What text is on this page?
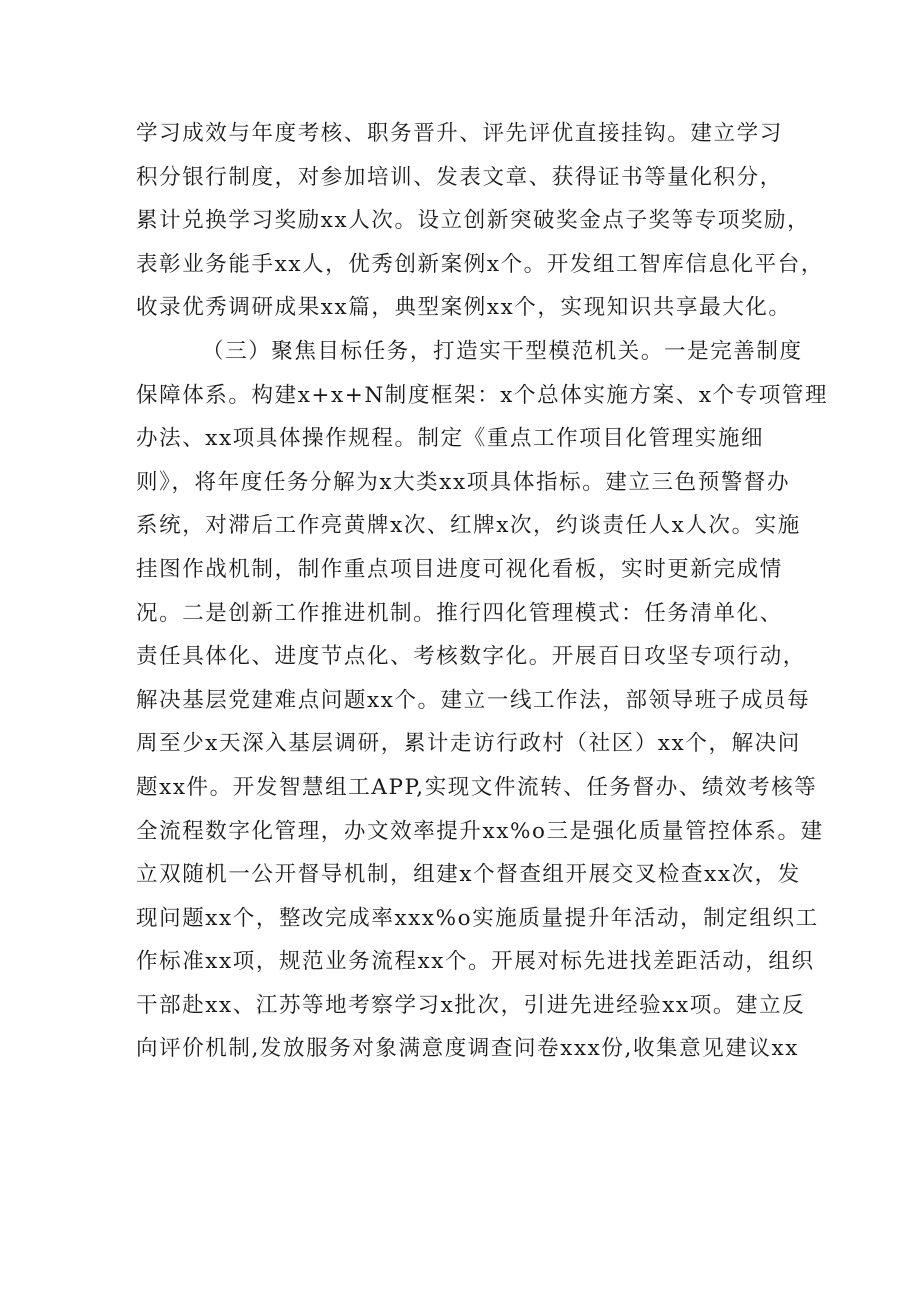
学习成效与年度考核、职务晋升、评先评优直接挂钩。建立学习
积分银行制度，对参加培训、发表文章、获得证书等量化积分，
累计兑换学习奖励xx人次。设立创新突破奖金点子奖等专项奖励，
表彰业务能手xx人，优秀创新案例x个。开发组工智库信息化平台，
收录优秀调研成果xx篇，典型案例xx个，实现知识共享最大化。
（三）聚焦目标任务，打造实干型模范机关。一是完善制度
保障体系。构建x+x+N制度框架：x个总体实施方案、x个专项管理
办法、xx项具体操作规程。制定《重点工作项目化管理实施细
则》，将年度任务分解为x大类xx项具体指标。建立三色预警督办
系统，对滞后工作亮黄牌x次、红牌x次，约谈责任人x人次。实施
挂图作战机制，制作重点项目进度可视化看板，实时更新完成情
况。二是创新工作推进机制。推行四化管理模式：任务清单化、
责任具体化、进度节点化、考核数字化。开展百日攻坚专项行动，
解决基层党建难点问题xx个。建立一线工作法，部领导班子成员每
周至少x天深入基层调研，累计走访行政村（社区）xx个，解决问
题xx件。开发智慧组工APP,实现文件流转、任务督办、绩效考核等
全流程数字化管理，办文效率提升xx%o三是强化质量管控体系。建
立双随机一公开督导机制，组建x个督查组开展交叉检查xx次，发
现问题xx个，整改完成率xxx%o实施质量提升年活动，制定组织工
作标准xx项，规范业务流程xx个。开展对标先进找差距活动，组织
干部赴xx、江苏等地考察学习x批次，引进先进经验xx项。建立反
向评价机制,发放服务对象满意度调查问卷xxx份,收集意见建议xx
